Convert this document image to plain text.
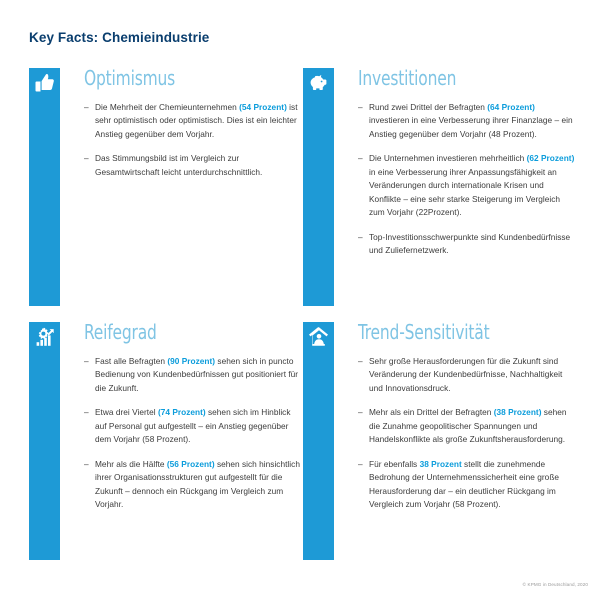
Key Facts: Chemieindustrie
Optimismus
– Die Mehrheit der Chemieunternehmen (54 Prozent) ist sehr optimistisch oder optimistisch. Dies ist ein leichter Anstieg gegenüber dem Vorjahr.
– Das Stimmungsbild ist im Vergleich zur Gesamtwirtschaft leicht unterdurchschnittlich.
Investitionen
– Rund zwei Drittel der Befragten (64 Prozent) investieren in eine Verbesserung ihrer Finanzlage – ein Anstieg gegenüber dem Vorjahr (48 Prozent).
– Die Unternehmen investieren mehrheitlich (62 Prozent) in eine Verbesserung ihrer Anpassungsfähigkeit an Veränderungen durch internationale Krisen und Konflikte – eine sehr starke Steigerung im Vergleich zum Vorjahr (22Prozent).
– Top-Investitionsschwerpunkte sind Kundenbedürfnisse und Zuliefernetzwerk.
Reifegrad
– Fast alle Befragten (90 Prozent) sehen sich in puncto Bedienung von Kundenbedürfnissen gut positioniert für die Zukunft.
– Etwa drei Viertel (74 Prozent) sehen sich im Hinblick auf Personal gut aufgestellt – ein Anstieg gegenüber dem Vorjahr (58 Prozent).
– Mehr als die Hälfte (56 Prozent) sehen sich hinsichtlich ihrer Organisationsstrukturen gut aufgestellt für die Zukunft – dennoch ein Rückgang im Vergleich zum Vorjahr.
Trend-Sensitivität
– Sehr große Herausforderungen für die Zukunft sind Veränderung der Kundenbedürfnisse, Nachhaltigkeit und Innovationsdruck.
– Mehr als ein Drittel der Befragten (38 Prozent) sehen die Zunahme geopolitischer Spannungen und Handelskonflikte als große Zukunftsherausforderung.
– Für ebenfalls 38 Prozent stellt die zunehmende Bedrohung der Unternehmenssicherheit eine große Herausforderung dar – ein deutlicher Rückgang im Vergleich zum Vorjahr (58 Prozent).
© KPMG in Deutschland, 2020
